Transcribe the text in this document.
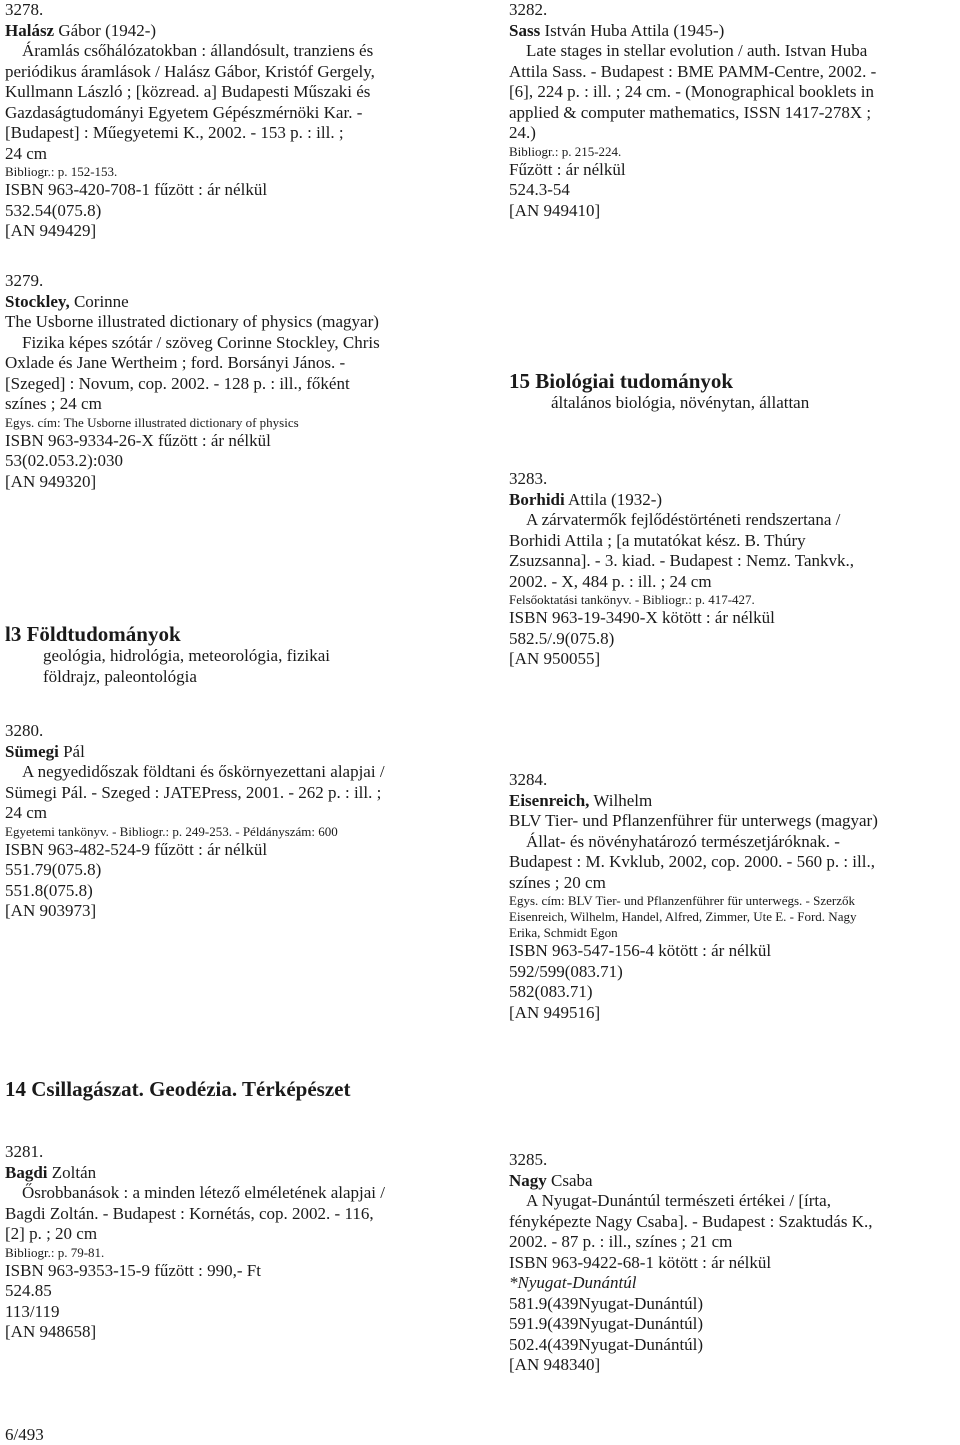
3278.
Halász Gábor (1942-)
Áramlás csőhálózatokban : állandósult, tranziens és
periódikus áramlások / Halász Gábor, Kristóf Gergely,
Kullmann László ; [közread. a] Budapesti Műszaki és
Gazdaságtudományi Egyetem Gépészmérnöki Kar. -
[Budapest] : Műegyetemi K., 2002. - 153 p. : ill. ;
24 cm
Bibliogr.: p. 152-153.
ISBN 963-420-708-1 fűzött : ár nélkül
532.54(075.8)
[AN 949429]
3279.
Stockley, Corinne
The Usborne illustrated dictionary of physics (magyar)
Fizika képes szótár / szöveg Corinne Stockley, Chris
Oxlade és Jane Wertheim ; ford. Borsányi János. -
[Szeged] : Novum, cop. 2002. - 128 p. : ill., főként
színes ; 24 cm
Egys. cím: The Usborne illustrated dictionary of physics
ISBN 963-9334-26-X fűzött : ár nélkül
53(02.053.2):030
[AN 949320]
l3 Földtudományok
geológia, hidrológia, meteorológia, fizikai
földrajz, paleontológia
3280.
Sümegi Pál
A negyedidőszak földtani és őskörnyezettani alapjai /
Sümegi Pál. - Szeged : JATEPress, 2001. - 262 p. : ill. ;
24 cm
Egyetemi tankönyv. - Bibliogr.: p. 249-253. - Példányszám: 600
ISBN 963-482-524-9 fűzött : ár nélkül
551.79(075.8)
551.8(075.8)
[AN 903973]
14 Csillagászat. Geodézia. Térképészet
3281.
Bagdi Zoltán
Ősrobbanások : a minden létező elméletének alapjai /
Bagdi Zoltán. - Budapest : Kornétás, cop. 2002. - 116,
[2] p. ; 20 cm
Bibliogr.: p. 79-81.
ISBN 963-9353-15-9 fűzött : 990,- Ft
524.85
113/119
[AN 948658]
3282.
Sass István Huba Attila (1945-)
Late stages in stellar evolution / auth. Istvan Huba
Attila Sass. - Budapest : BME PAMM-Centre, 2002. -
[6], 224 p. : ill. ; 24 cm. - (Monographical booklets in
applied & computer mathematics, ISSN 1417-278X ;
24.)
Bibliogr.: p. 215-224.
Fűzött : ár nélkül
524.3-54
[AN 949410]
15 Biológiai tudományok
általános biológia, növénytan, állattan
3283.
Borhidi Attila (1932-)
A zárvatermők fejlődéstörténeti rendszertana /
Borhidi Attila ; [a mutatókat kész. B. Thúry
Zsuzsanna]. - 3. kiad. - Budapest : Nemz. Tankvk.,
2002. - X, 484 p. : ill. ; 24 cm
Felsőoktatási tankönyv. - Bibliogr.: p. 417-427.
ISBN 963-19-3490-X kötött : ár nélkül
582.5/.9(075.8)
[AN 950055]
3284.
Eisenreich, Wilhelm
BLV Tier- und Pflanzenführer für unterwegs (magyar)
Állat- és növényhatározó természetjáróknak. -
Budapest : M. Kvklub, 2002, cop. 2000. - 560 p. : ill.,
színes ; 20 cm
Egys. cím: BLV Tier- und Pflanzenführer für unterwegs. - Szerzők
Eisenreich, Wilhelm, Handel, Alfred, Zimmer, Ute E. - Ford. Nagy
Erika, Schmidt Egon
ISBN 963-547-156-4 kötött : ár nélkül
592/599(083.71)
582(083.71)
[AN 949516]
3285.
Nagy Csaba
A Nyugat-Dunántúl természeti értékei / [írta,
fényképezte Nagy Csaba]. - Budapest : Szaktudás K.,
2002. - 87 p. : ill., színes ; 21 cm
ISBN 963-9422-68-1 kötött : ár nélkül
*Nyugat-Dunántúl
581.9(439Nyugat-Dunántúl)
591.9(439Nyugat-Dunántúl)
502.4(439Nyugat-Dunántúl)
[AN 948340]
6/493
